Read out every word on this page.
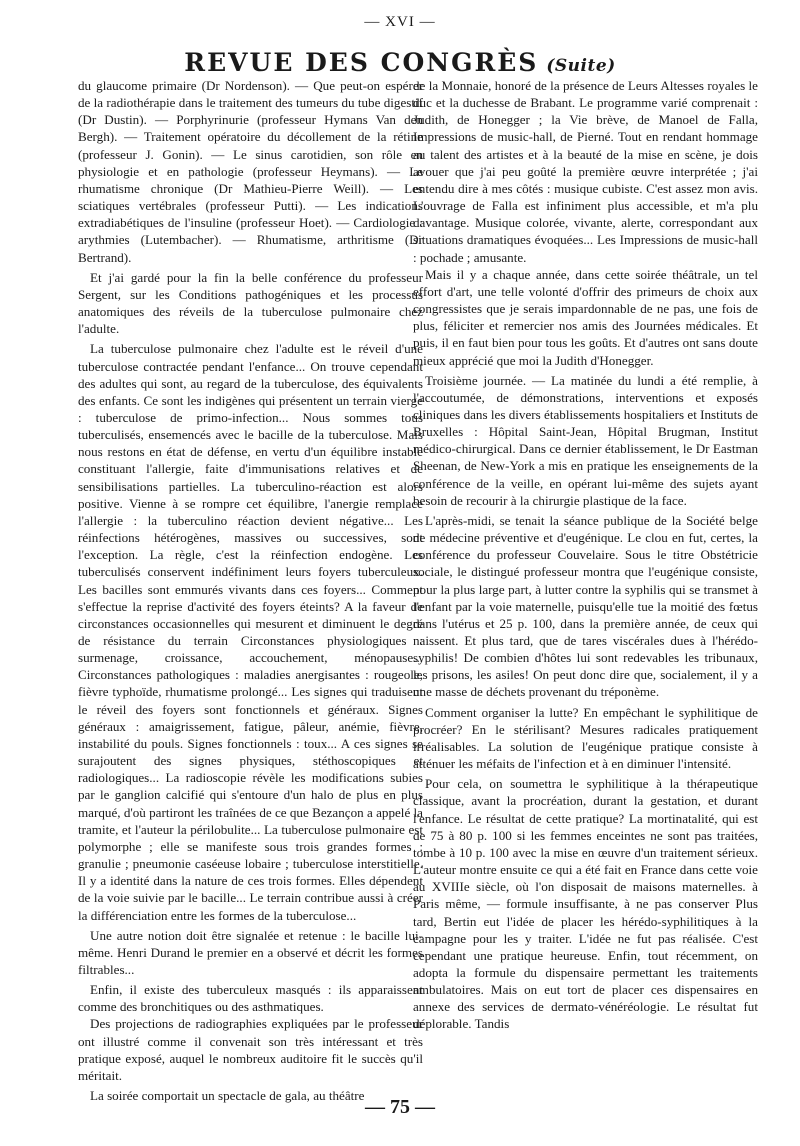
— XVI —
REVUE DES CONGRÈS (Suite)

du glaucome primaire (Dr Nordenson). — Que peut-on espérer de la radiothérapie dans le traitement des tumeurs du tube digestif (Dr Dustin). — Porphyrinurie (professeur Hymans Van den Bergh). — Traitement opératoire du décollement de la rétine (professeur J. Gonin). — Le sinus carotidien, son rôle en physiologie et en pathologie (professeur Heymans). — Le rhumatisme chronique (Dr Mathieu-Pierre Weill). — Les sciatiques vertébrales (professeur Putti). — Les indications extradiabétiques de l'insuline (professeur Hoet). — Cardiologie : arythmies (Lutembacher). — Rhumatisme, arthritisme (Dr Bertrand).

Et j'ai gardé pour la fin la belle conférence du professeur Sergent, sur les Conditions pathogéniques et les processus anatomiques des réveils de la tuberculose pulmonaire chez l'adulte.

La tuberculose pulmonaire chez l'adulte est le réveil d'une tuberculose contractée pendant l'enfance... On trouve cependant des adultes qui sont, au regard de la tuberculose, des équivalents des enfants. Ce sont les indigènes qui présentent un terrain vierge : tuberculose de primo-infection... Nous sommes tous tuberculisés, ensemencés avec le bacille de la tuberculose. Mais nous restons en état de défense, en vertu d'un équilibre instable constituant l'allergie, faite d'immunisations relatives et de sensibilisations partielles. La tuberculino-réaction est alors positive. Vienne à se rompre cet équilibre, l'anergie remplace l'allergie : la tuberculino réaction devient négative... Les réinfections hétérogènes, massives ou successives, sont l'exception. La règle, c'est la réinfection endogène. Les tuberculisés conservent indéfiniment leurs foyers tuberculeux. Les bacilles sont emmurés vivants dans ces foyers... Comment s'effectue la reprise d'activité des foyers éteints? A la faveur de circonstances occasionnelles qui mesurent et diminuent le degré de résistance du terrain Circonstances physiologiques : surmenage, croissance, accouchement, ménopause... Circonstances pathologiques : maladies anergisantes : rougeole, fièvre typhoïde, rhumatisme prolongé... Les signes qui traduisent le réveil des foyers sont fonctionnels et généraux. Signes généraux : amaigrissement, fatigue, pâleur, anémie, fièvre, instabilité du pouls. Signes fonctionnels : toux... A ces signes se surajoutent des signes physiques, stéthoscopiques et radiologiques... La radioscopie révèle les modifications subies par le ganglion calcifié qui s'entoure d'un halo de plus en plus marqué, d'où partiront les traînées de ce que Bezançon a appelé la tramite, et l'auteur la périlobulite... La tuberculose pulmonaire est polymorphe ; elle se manifeste sous trois grandes formes : granulie ; pneumonie caséeuse lobaire ; tuberculose interstitielle. Il y a identité dans la nature de ces trois formes. Elles dépendent de la voie suivie par le bacille... Le terrain contribue aussi à créer la différenciation entre les formes de la tuberculose...

Une autre notion doit être signalée et retenue : le bacille lui-même. Henri Durand le premier en a observé et décrit les formes filtrables...

Enfin, il existe des tuberculeux masqués : ils apparaissent comme des bronchitiques ou des asthmatiques.

Des projections de radiographies expliquées par le professeur ont illustré comme il convenait son très intéressant et très pratique exposé, auquel le nombreux auditoire fit le succès qu'il méritait.

La soirée comportait un spectacle de gala, au théâtre

de la Monnaie, honoré de la présence de Leurs Altesses royales le duc et la duchesse de Brabant. Le programme varié comprenait : Judith, de Honegger ; la Vie brève, de Manoel de Falla, Impressions de music-hall, de Pierné. Tout en rendant hommage au talent des artistes et à la beauté de la mise en scène, je dois avouer que j'ai peu goûté la première œuvre interprétée ; j'ai entendu dire à mes côtés : musique cubiste. C'est assez mon avis. L'ouvrage de Falla est infiniment plus accessible, et m'a plu davantage. Musique colorée, vivante, alerte, correspondant aux situations dramatiques évoquées... Les Impressions de music-hall : pochade ; amusante.

Mais il y a chaque année, dans cette soirée théâtrale, un tel effort d'art, une telle volonté d'offrir des primeurs de choix aux congressistes que je serais impardonnable de ne pas, une fois de plus, féliciter et remercier nos amis des Journées médicales. Et puis, il en faut bien pour tous les goûts. Et d'autres ont sans doute mieux apprécié que moi la Judith d'Honegger.

Troisième journée. — La matinée du lundi a été remplie, à l'accoutumée, de démonstrations, interventions et exposés cliniques dans les divers établissements hospitaliers et Instituts de Bruxelles : Hôpital Saint-Jean, Hôpital Brugman, Institut médico-chirurgical. Dans ce dernier établissement, le Dr Eastman Sheenan, de New-York a mis en pratique les enseignements de la conférence de la veille, en opérant lui-même des sujets ayant besoin de recourir à la chirurgie plastique de la face.

L'après-midi, se tenait la séance publique de la Société belge de médecine préventive et d'eugénique. Le clou en fut, certes, la conférence du professeur Couvelaire. Sous le titre Obstétricie sociale, le distingué professeur montra que l'eugénique consiste, pour la plus large part, à lutter contre la syphilis qui se transmet à l'enfant par la voie maternelle, puisqu'elle tue la moitié des fœtus dans l'utérus et 25 p. 100, dans la première année, de ceux qui naissent. Et plus tard, que de tares viscérales dues à l'hérédo-syphilis! De combien d'hôtes lui sont redevables les tribunaux, les prisons, les asiles! On peut donc dire que, socialement, il y a une masse de déchets provenant du tréponème.

Comment organiser la lutte? En empêchant le syphilitique de procréer? En le stérilisant? Mesures radicales pratiquement irréalisables. La solution de l'eugénique pratique consiste à atténuer les méfaits de l'infection et à en diminuer l'intensité.

Pour cela, on soumettra le syphilitique à la thérapeutique classique, avant la procréation, durant la gestation, et durant l'enfance. Le résultat de cette pratique? La mortinatalité, qui est de 75 à 80 p. 100 si les femmes enceintes ne sont pas traitées, tombe à 10 p. 100 avec la mise en œuvre d'un traitement sérieux. L'auteur montre ensuite ce qui a été fait en France dans cette voie au XVIIIe siècle, où l'on disposait de maisons maternelles. à Paris même, — formule insuffisante, à ne pas conserver Plus tard, Bertin eut l'idée de placer les hérédo-syphilitiques à la campagne pour les y traiter. L'idée ne fut pas réalisée. C'est cependant une pratique heureuse. Enfin, tout récemment, on adopta la formule du dispensaire permettant les traitements ambulatoires. Mais on eut tort de placer ces dispensaires en annexe des services de dermato-vénéréologie. Le résultat fut déplorable. Tandis

— 75 —
